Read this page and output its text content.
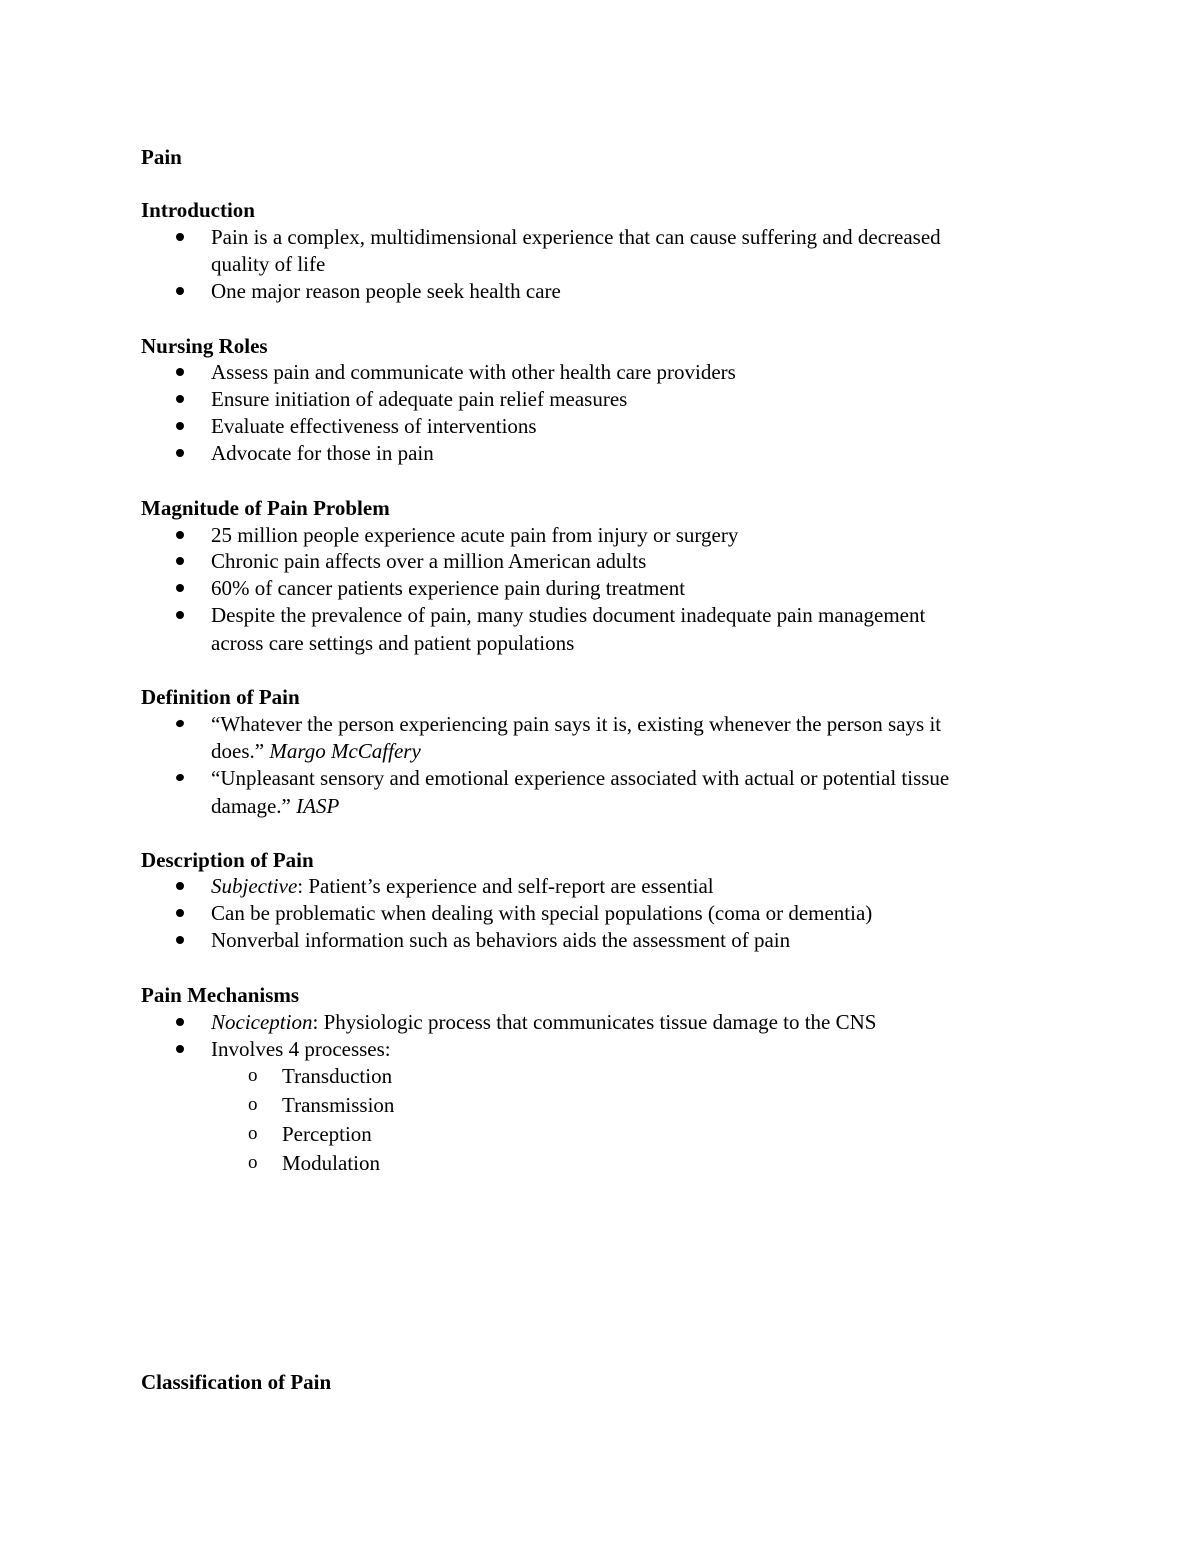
Pain
Introduction
Pain is a complex, multidimensional experience that can cause suffering and decreased
quality of life
One major reason people seek health care
Nursing Roles
Assess pain and communicate with other health care providers
Ensure initiation of adequate pain relief measures
Evaluate effectiveness of interventions
Advocate for those in pain
Magnitude of Pain Problem
25 million people experience acute pain from injury or surgery
Chronic pain affects over a million American adults
60% of cancer patients experience pain during treatment
Despite the prevalence of pain, many studies document inadequate pain management
across care settings and patient populations
Definition of Pain
“Whatever the person experiencing pain says it is, existing whenever the person says it
does.” Margo McCaffery
“Unpleasant sensory and emotional experience associated with actual or potential tissue
damage.” IASP
Description of Pain
Subjective: Patient’s experience and self-report are essential
Can be problematic when dealing with special populations (coma or dementia)
Nonverbal information such as behaviors aids the assessment of pain
Pain Mechanisms
Nociception: Physiologic process that communicates tissue damage to the CNS
Involves 4 processes:
o Transduction
o Transmission
o Perception
o Modulation
Classification of Pain
